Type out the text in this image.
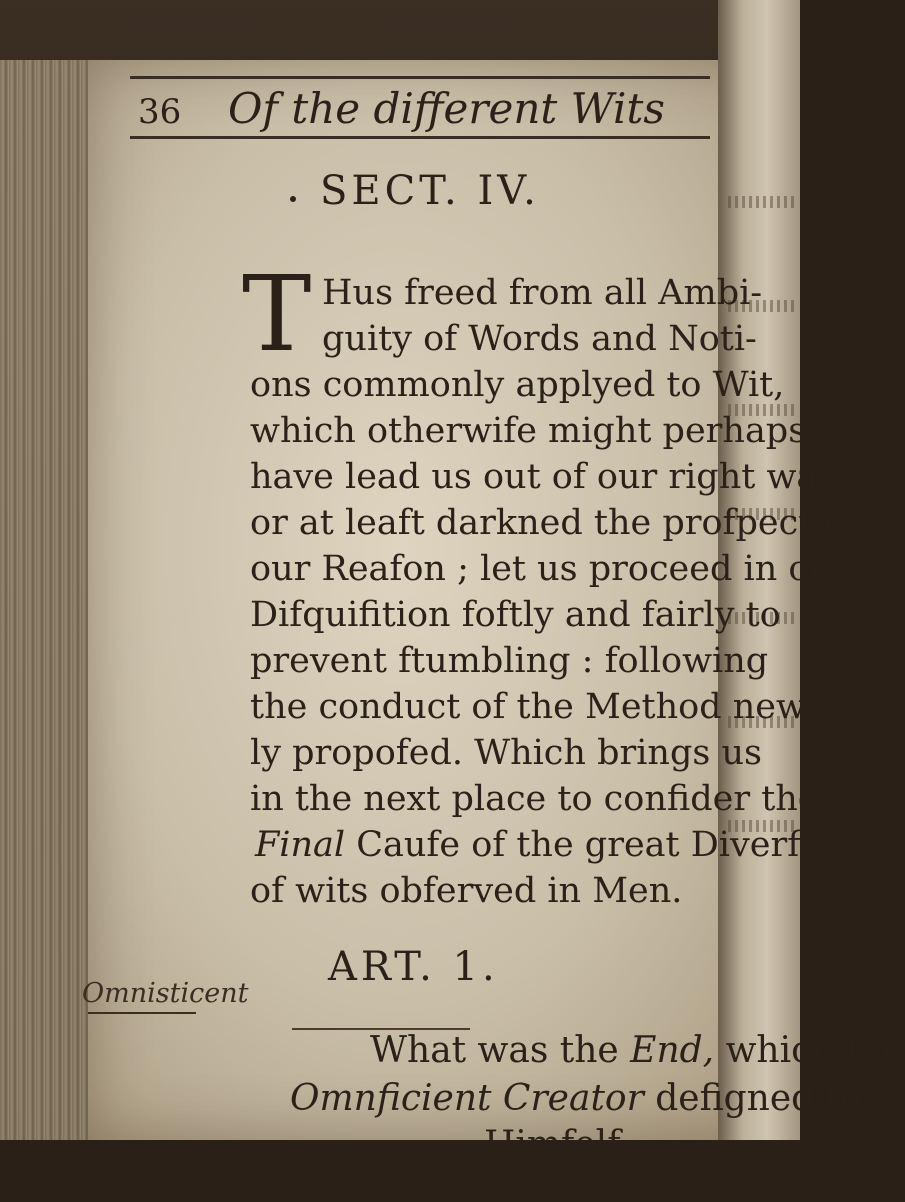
36 Of the different Wits
SECT. IV.
T Hus freed from all Ambi-
guity of Words and Noti-
ons commonly applyed to Wit,
which otherwife might perhaps
have lead us out of our right way,
or at leaft darkned the profpect of
our Reafon ; let us proceed in our
Difquifition foftly and fairly to
prevent ftumbling : following
the conduct of the Method new-
ly propofed. Which brings us
in the next place to confider the
Final Caufe of the great Diverfity
of wits obferved in Men.
ART. 1.
What was the End, which the
Omnficient Creator defigned to
Omnisticent
